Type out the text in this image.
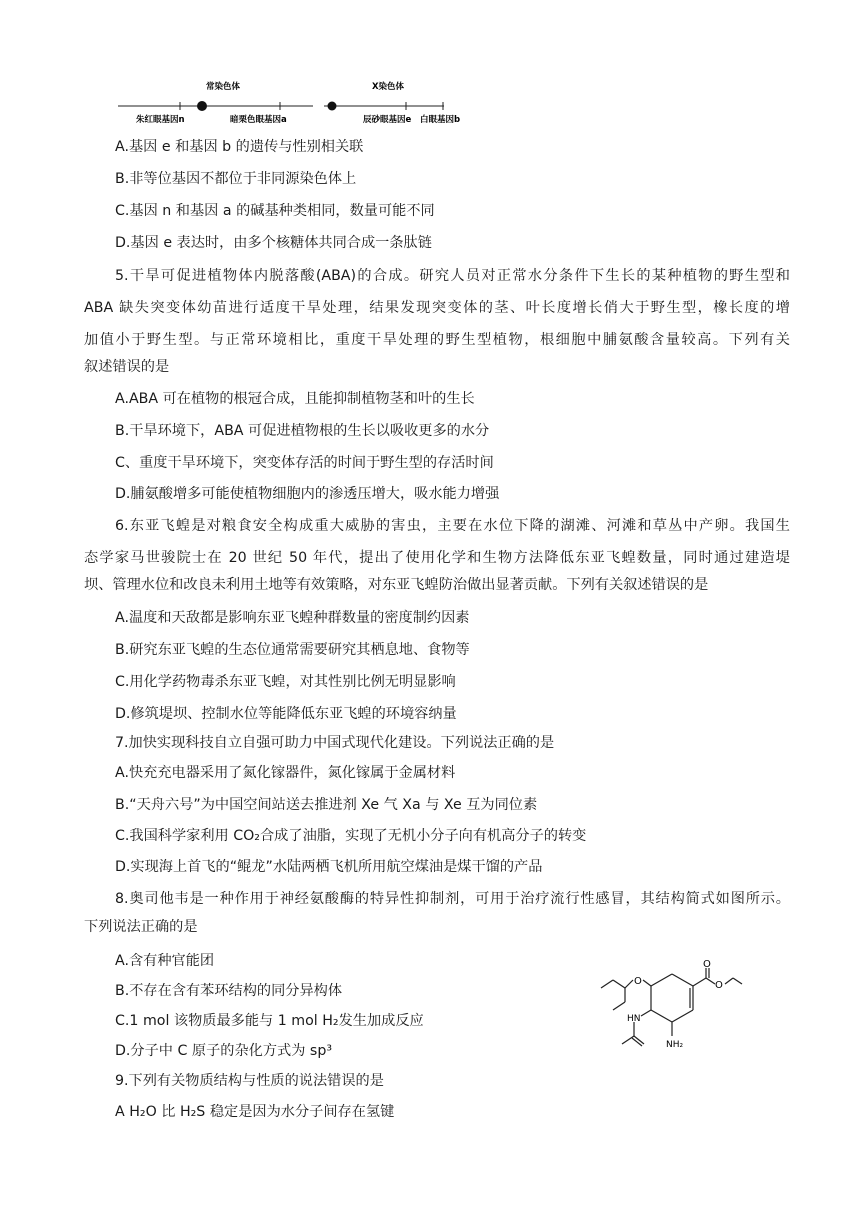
常染色体
朱红眼基因n	暗栗色眼基因a
X染色体
辰砂眼基因e 白眼基因b
A.基因 e 和基因 b 的遗传与性别相关联
B.非等位基因不都位于非同源染色体上
C.基因 n 和基因 a 的碱基种类相同，数量可能不同
D.基因 e 表达时，由多个核糖体共同合成一条肽链
5.干旱可促进植物体内脱落酸(ABA)的合成。研究人员对正常水分条件下生长的某种植物的野生型和
ABA 缺失突变体幼苗进行适度干旱处理，结果发现突变体的茎、叶长度增长俏大于野生型，橡长度的增
加值小于野生型。与正常环境相比，重度干旱处理的野生型植物，根细胞中脯氨酸含量较高。下列有关
叙述错误的是
A.ABA 可在植物的根冠合成，且能抑制植物茎和叶的生长
B.干旱环境下，ABA 可促进植物根的生长以吸收更多的水分
C、重度干旱环境下，突变体存活的时间于野生型的存活时间
D.脯氨酸增多可能使植物细胞内的渗透压增大，吸水能力增强
6.东亚飞蝗是对粮食安全构成重大威胁的害虫，主要在水位下降的湖滩、河滩和草丛中产卵。我国生
态学家马世骏院士在 20 世纪 50 年代，提出了使用化学和生物方法降低东亚飞蝗数量，同时通过建造堤
坝、管理水位和改良未利用土地等有效策略，对东亚飞蝗防治做出显著贡献。下列有关叙述错误的是
A.温度和天敌都是影响东亚飞蝗种群数量的密度制约因素
B.研究东亚飞蝗的生态位通常需要研究其栖息地、食物等
C.用化学药物毒杀东亚飞蝗，对其性别比例无明显影响
D.修筑堤坝、控制水位等能降低东亚飞蝗的环境容纳量
7.加快实现科技自立自强可助力中国式现代化建设。下列说法正确的是
A.快充充电器采用了氮化镓器件，氮化镓属于金属材料
B.“天舟六号”为中国空间站送去推进剂 Xe 气 Xa 与 Xe 互为同位素
C.我国科学家利用 CO₂合成了油脂，实现了无机小分子向有机高分子的转变
D.实现海上首飞的“鲲龙”水陆两栖飞机所用航空煤油是煤干馏的产品
8.奥司他韦是一种作用于神经氨酸酶的特异性抑制剂，可用于治疗流行性感冒，其结构简式如图所示。
下列说法正确的是
A.含有种官能团
B.不存在含有苯环结构的同分异构体
C.1 mol 该物质最多能与 1 mol H₂发生加成反应
D.分子中 C 原子的杂化方式为 sp³
O
O
O
HN
NH₂
9.下列有关物质结构与性质的说法错误的是
A H₂O 比 H₂S 稳定是因为水分子间存在氢键
